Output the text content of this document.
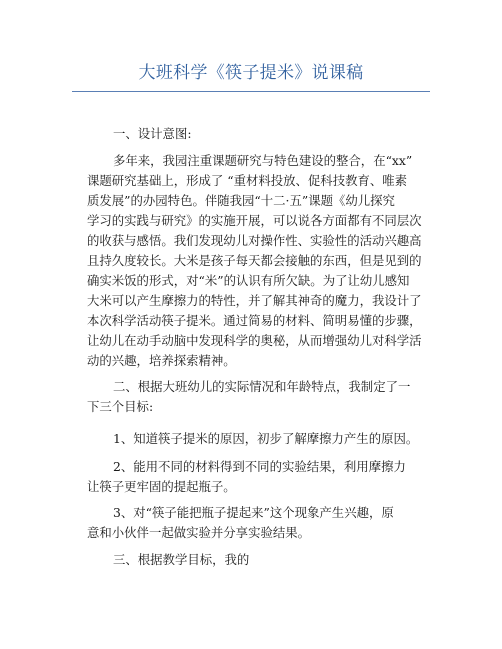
大班科学《筷子提米》说课稿

一、设计意图:

多年来，我园注重课题研究与特色建设的整合，在“xx”
课题研究基础上，形成了 “重材料投放、促科技教育、唯素
质发展”的办园特色。伴随我园“十二·五”课题《幼儿探究
学习的实践与研究》的实施开展，可以说各方面都有不同层次
的收获与感悟。我们发现幼儿对操作性、实验性的活动兴趣高
且持久度较长。大米是孩子每天都会接触的东西，但是见到的
确实米饭的形式，对“米”的认识有所欠缺。为了让幼儿感知
大米可以产生摩擦力的特性，并了解其神奇的魔力，我设计了
本次科学活动筷子提米。通过简易的材料、简明易懂的步骤，
让幼儿在动手动脑中发现科学的奥秘，从而增强幼儿对科学活
动的兴趣，培养探索精神。

二、根据大班幼儿的实际情况和年龄特点，我制定了一
下三个目标:

1、知道筷子提米的原因，初步了解摩擦力产生的原因。

2、能用不同的材料得到不同的实验结果，利用摩擦力
让筷子更牢固的提起瓶子。

3、对“筷子能把瓶子提起来”这个现象产生兴趣，原
意和小伙伴一起做实验并分享实验结果。

三、根据教学目标，我的
